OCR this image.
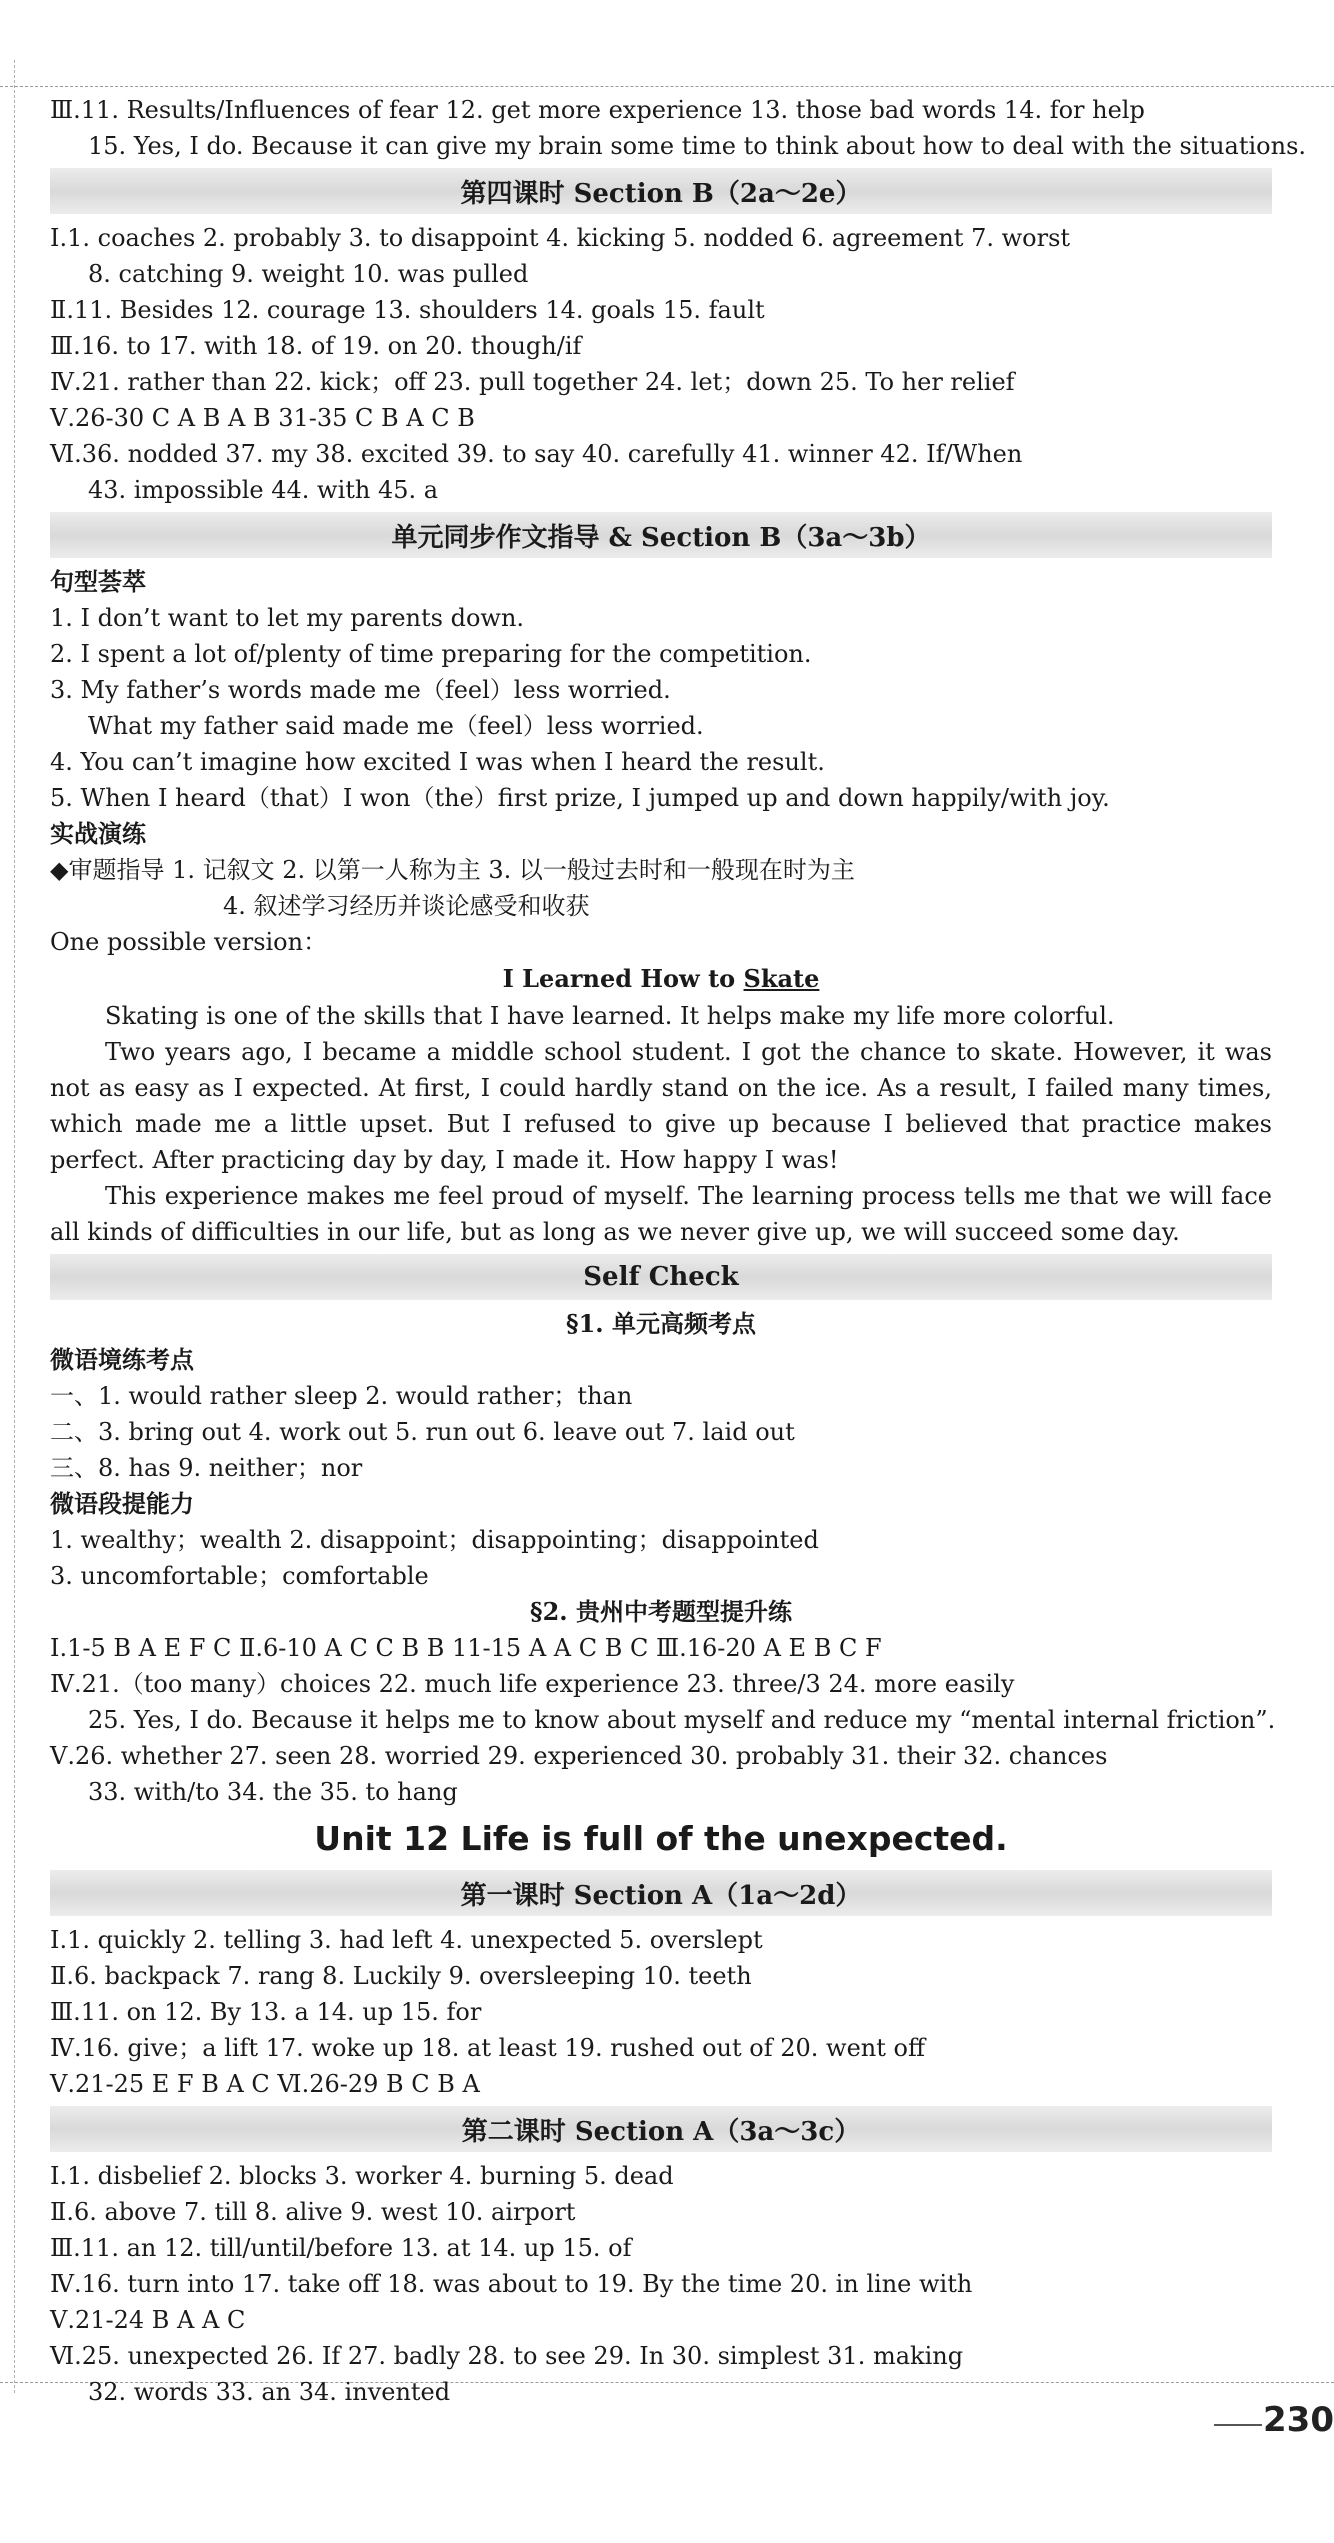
Ⅲ.11. Results/Influences of fear 12. get more experience 13. those bad words 14. for help
15. Yes, I do. Because it can give my brain some time to think about how to deal with the situations.
第四课时 Section B（2a～2e）
Ⅰ.1. coaches 2. probably 3. to disappoint 4. kicking 5. nodded 6. agreement 7. worst
8. catching 9. weight 10. was pulled
Ⅱ.11. Besides 12. courage 13. shoulders 14. goals 15. fault
Ⅲ.16. to 17. with 18. of 19. on 20. though/if
Ⅳ.21. rather than 22. kick；off 23. pull together 24. let；down 25. To her relief
Ⅴ.26-30 C A B A B 31-35 C B A C B
Ⅵ.36. nodded 37. my 38. excited 39. to say 40. carefully 41. winner 42. If/When
43. impossible 44. with 45. a
单元同步作文指导 & Section B（3a～3b）
句型荟萃
1. I don’t want to let my parents down.
2. I spent a lot of/plenty of time preparing for the competition.
3. My father’s words made me（feel）less worried.
What my father said made me（feel）less worried.
4. You can’t imagine how excited I was when I heard the result.
5. When I heard（that）I won（the）first prize, I jumped up and down happily/with joy.
实战演练
◆审题指导 1. 记叙文 2. 以第一人称为主 3. 以一般过去时和一般现在时为主
4. 叙述学习经历并谈论感受和收获
One possible version：
I Learned How to Skate
Skating is one of the skills that I have learned. It helps make my life more colorful.
Two years ago, I became a middle school student. I got the chance to skate. However, it was not as easy as I expected. At first, I could hardly stand on the ice. As a result, I failed many times, which made me a little upset. But I refused to give up because I believed that practice makes perfect. After practicing day by day, I made it. How happy I was!
This experience makes me feel proud of myself. The learning process tells me that we will face all kinds of difficulties in our life, but as long as we never give up, we will succeed some day.
Self Check
§1. 单元高频考点
微语境练考点
一、1. would rather sleep 2. would rather；than
二、3. bring out 4. work out 5. run out 6. leave out 7. laid out
三、8. has 9. neither；nor
微语段提能力
1. wealthy；wealth 2. disappoint；disappointing；disappointed
3. uncomfortable；comfortable
§2. 贵州中考题型提升练
Ⅰ.1-5 B A E F C Ⅱ.6-10 A C C B B 11-15 A A C B C Ⅲ.16-20 A E B C F
Ⅳ.21.（too many）choices 22. much life experience 23. three/3 24. more easily
25. Yes, I do. Because it helps me to know about myself and reduce my “mental internal friction”.
Ⅴ.26. whether 27. seen 28. worried 29. experienced 30. probably 31. their 32. chances
33. with/to 34. the 35. to hang
Unit 12 Life is full of the unexpected.
第一课时 Section A（1a～2d）
Ⅰ.1. quickly 2. telling 3. had left 4. unexpected 5. overslept
Ⅱ.6. backpack 7. rang 8. Luckily 9. oversleeping 10. teeth
Ⅲ.11. on 12. By 13. a 14. up 15. for
Ⅳ.16. give；a lift 17. woke up 18. at least 19. rushed out of 20. went off
Ⅴ.21-25 E F B A C Ⅵ.26-29 B C B A
第二课时 Section A（3a～3c）
Ⅰ.1. disbelief 2. blocks 3. worker 4. burning 5. dead
Ⅱ.6. above 7. till 8. alive 9. west 10. airport
Ⅲ.11. an 12. till/until/before 13. at 14. up 15. of
Ⅳ.16. turn into 17. take off 18. was about to 19. By the time 20. in line with
Ⅴ.21-24 B A A C
Ⅵ.25. unexpected 26. If 27. badly 28. to see 29. In 30. simplest 31. making
32. words 33. an 34. invented
230
